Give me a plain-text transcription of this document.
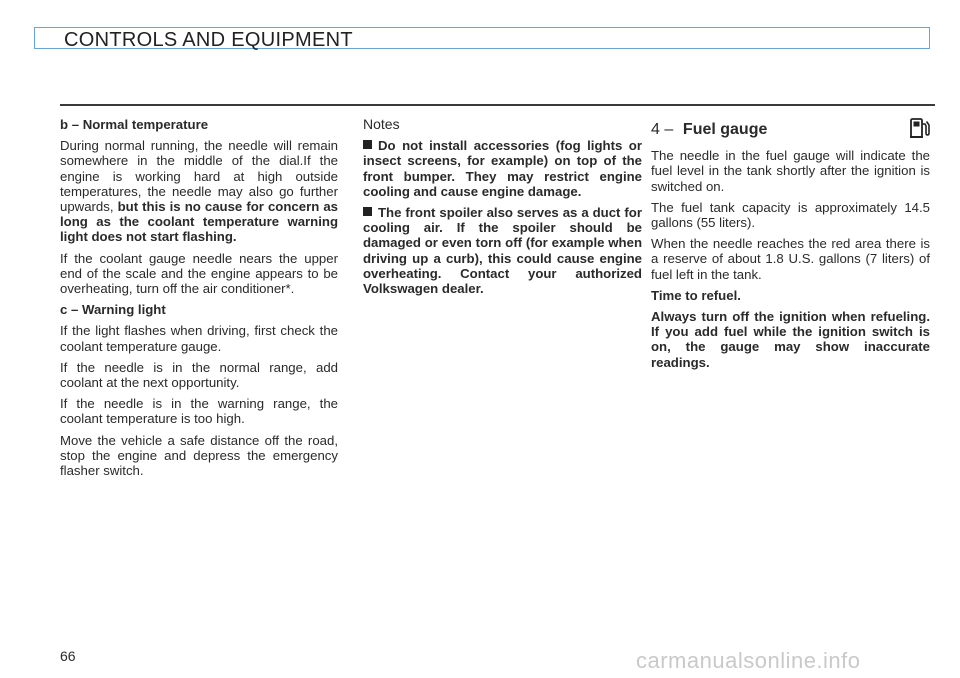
CONTROLS AND EQUIPMENT

b – Normal temperature

During normal running, the needle will remain somewhere in the middle of the dial.If the engine is working hard at high outside temperatures, the needle may also go further upwards, but this is no cause for concern as long as the coolant temperature warning light does not start flashing.

If the coolant gauge needle nears the upper end of the scale and the engine appears to be overheating, turn off the air conditioner*.

c – Warning light

If the light flashes when driving, first check the coolant temperature gauge.

If the needle is in the normal range, add coolant at the next opportunity.

If the needle is in the warning range, the coolant temperature is too high.

Move the vehicle a safe distance off the road, stop the engine and depress the emergency flasher switch.

Notes

Do not install accessories (fog lights or insect screens, for example) on top of the front bumper. They may restrict engine cooling and cause engine damage.

The front spoiler also serves as a duct for cooling air. If the spoiler should be damaged or even torn off (for example when driving up a curb), this could cause engine overheating. Contact your authorized Volkswagen dealer.

4 – Fuel gauge

The needle in the fuel gauge will indicate the fuel level in the tank shortly after the ignition is switched on.

The fuel tank capacity is approximately 14.5 gallons (55 liters).

When the needle reaches the red area there is a reserve of about 1.8 U.S. gallons (7 liters) of fuel left in the tank.

Time to refuel.

Always turn off the ignition when refueling. If you add fuel while the ignition switch is on, the gauge may show inaccurate readings.

66	carmanualsonline.info
